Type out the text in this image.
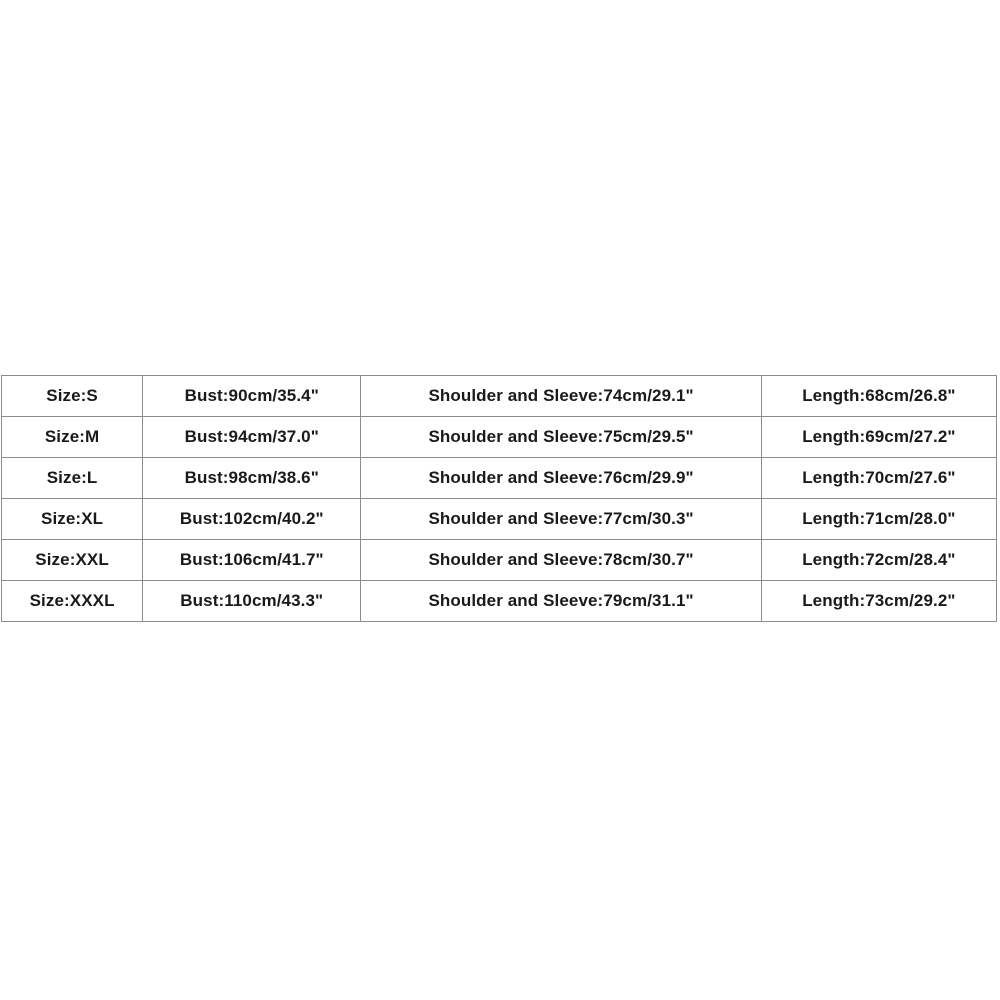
Size:S	Bust:90cm/35.4"	Shoulder and Sleeve:74cm/29.1"	Length:68cm/26.8"
Size:M	Bust:94cm/37.0"	Shoulder and Sleeve:75cm/29.5"	Length:69cm/27.2"
Size:L	Bust:98cm/38.6"	Shoulder and Sleeve:76cm/29.9"	Length:70cm/27.6"
Size:XL	Bust:102cm/40.2"	Shoulder and Sleeve:77cm/30.3"	Length:71cm/28.0"
Size:XXL	Bust:106cm/41.7"	Shoulder and Sleeve:78cm/30.7"	Length:72cm/28.4"
Size:XXXL	Bust:110cm/43.3"	Shoulder and Sleeve:79cm/31.1"	Length:73cm/29.2"
